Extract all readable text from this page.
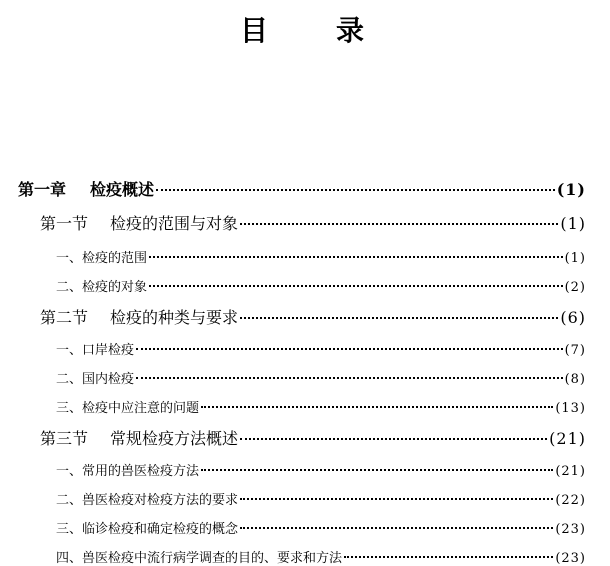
目 录
第一章 检疫概述	(1)
第一节 检疫的范围与对象	(1)
一、检疫的范围	(1)
二、检疫的对象	(2)
第二节 检疫的种类与要求	(6)
一、口岸检疫	(7)
二、国内检疫	(8)
三、检疫中应注意的问题	(13)
第三节 常规检疫方法概述	(21)
一、常用的兽医检疫方法	(21)
二、兽医检疫对检疫方法的要求	(22)
三、临诊检疫和确定检疫的概念	(23)
四、兽医检疫中流行病学调查的目的、要求和方法	(23)
